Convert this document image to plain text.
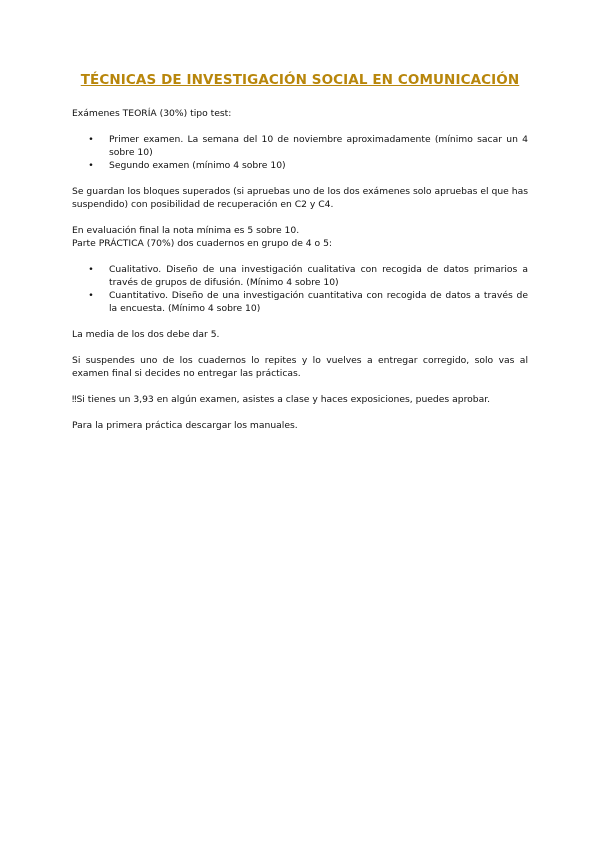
TÉCNICAS DE INVESTIGACIÓN SOCIAL EN COMUNICACIÓN

Exámenes TEORÍA (30%) tipo test:

• Primer examen. La semana del 10 de noviembre aproximadamente (mínimo sacar un 4 sobre 10)
• Segundo examen (mínimo 4 sobre 10)

Se guardan los bloques superados (si apruebas uno de los dos exámenes solo apruebas el que has suspendido) con posibilidad de recuperación en C2 y C4.

En evaluación final la nota mínima es 5 sobre 10.

Parte PRÁCTICA (70%) dos cuadernos en grupo de 4 o 5:

• Cualitativo. Diseño de una investigación cualitativa con recogida de datos primarios a través de grupos de difusión. (Mínimo 4 sobre 10)
• Cuantitativo. Diseño de una investigación cuantitativa con recogida de datos a través de la encuesta. (Mínimo 4 sobre 10)

La media de los dos debe dar 5.

Si suspendes uno de los cuadernos lo repites y lo vuelves a entregar corregido, solo vas al examen final si decides no entregar las prácticas.

‼Si tienes un 3,93 en algún examen, asistes a clase y haces exposiciones, puedes aprobar.

Para la primera práctica descargar los manuales.
